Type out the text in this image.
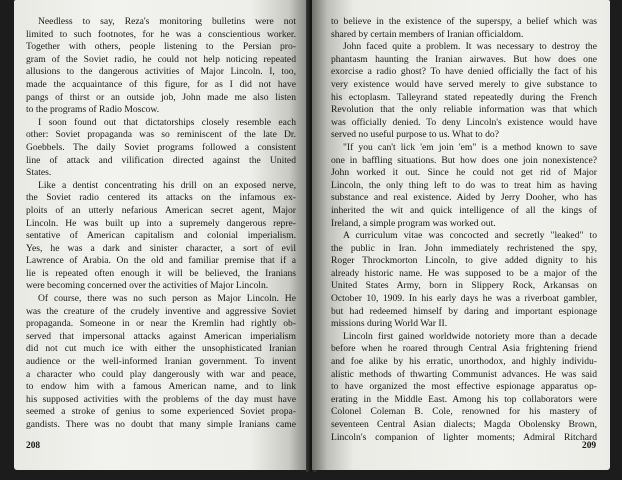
Needless to say, Reza's monitoring bulletins were not
limited to such footnotes, for he was a conscientious worker.
Together with others, people listening to the Persian pro-
gram of the Soviet radio, he could not help noticing repeated
allusions to the dangerous activities of Major Lincoln. I, too,
made the acquaintance of this figure, for as I did not have
pangs of thirst or an outside job, John made me also listen
to the programs of Radio Moscow.
I soon found out that dictatorships closely resemble each
other: Soviet propaganda was so reminiscent of the late Dr.
Goebbels. The daily Soviet programs followed a consistent
line of attack and vilification directed against the United
States.
Like a dentist concentrating his drill on an exposed nerve,
the Soviet radio centered its attacks on the infamous ex-
ploits of an utterly nefarious American secret agent, Major
Lincoln. He was built up into a supremely dangerous repre-
sentative of American capitalism and colonial imperialism.
Yes, he was a dark and sinister character, a sort of evil
Lawrence of Arabia. On the old and familiar premise that if a
lie is repeated often enough it will be believed, the Iranians
were becoming concerned over the activities of Major Lincoln.
Of course, there was no such person as Major Lincoln. He
was the creature of the crudely inventive and aggressive Soviet
propaganda. Someone in or near the Kremlin had rightly ob-
served that impersonal attacks against American imperialism
did not cut much ice with either the unsophisticated Iranian
audience or the well-informed Iranian government. To invent
a character who could play dangerously with war and peace,
to endow him with a famous American name, and to link
his supposed activities with the problems of the day must have
seemed a stroke of genius to some experienced Soviet propa-
gandists. There was no doubt that many simple Iranians came
208
to believe in the existence of the superspy, a belief which was
shared by certain members of Iranian officialdom.
John faced quite a problem. It was necessary to destroy the
phantasm haunting the Iranian airwaves. But how does one
exorcise a radio ghost? To have denied officially the fact of his
very existence would have served merely to give substance to
his ectoplasm. Talleyrand stated repeatedly during the French
Revolution that the only reliable information was that which
was officially denied. To deny Lincoln's existence would have
served no useful purpose to us. What to do?
"If you can't lick 'em join 'em" is a method known to save
one in baffling situations. But how does one join nonexistence?
John worked it out. Since he could not get rid of Major
Lincoln, the only thing left to do was to treat him as having
substance and real existence. Aided by Jerry Dooher, who has
inherited the wit and quick intelligence of all the kings of
Ireland, a simple program was worked out.
A curriculum vitae was concocted and secretly "leaked" to
the public in Iran. John immediately rechristened the spy,
Roger Throckmorton Lincoln, to give added dignity to his
already historic name. He was supposed to be a major of the
United States Army, born in Slippery Rock, Arkansas on
October 10, 1909. In his early days he was a riverboat gambler,
but had redeemed himself by daring and important espionage
missions during World War II.
Lincoln first gained worldwide notoriety more than a decade
before when he roared through Central Asia frightening friend
and foe alike by his erratic, unorthodox, and highly individu-
alistic methods of thwarting Communist advances. He was said
to have organized the most effective espionage apparatus op-
erating in the Middle East. Among his top collaborators were
Colonel Coleman B. Cole, renowned for his mastery of
seventeen Central Asian dialects; Magda Obolensky Brown,
Lincoln's companion of lighter moments; Admiral Ritchard
209
